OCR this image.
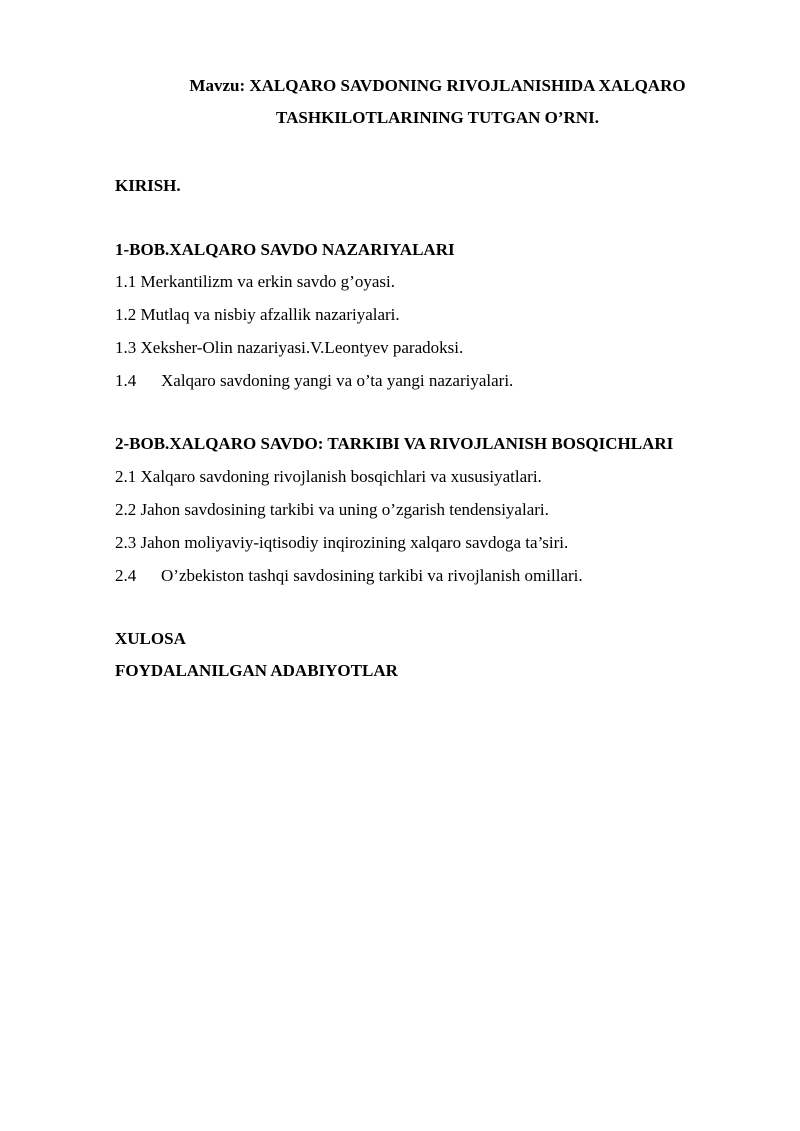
Mavzu: XALQARO SAVDONING RIVOJLANISHIDA XALQARO
TASHKILOTLARINING TUTGAN O’RNI.
KIRISH.
1-BOB.XALQARO SAVDO NAZARIYALARI
1.1 Merkantilizm va erkin savdo g’oyasi.
1.2 Mutlaq va nisbiy afzallik nazariyalari.
1.3 Xeksher-Olin nazariyasi.V.Leontyev paradoksi.
1.4 Xalqaro savdoning yangi va o’ta yangi nazariyalari.
2-BOB.XALQARO SAVDO: TARKIBI VA RIVOJLANISH BOSQICHLARI
2.1 Xalqaro savdoning rivojlanish bosqichlari va xususiyatlari.
2.2 Jahon savdosining tarkibi va uning o’zgarish tendensiyalari.
2.3 Jahon moliyaviy-iqtisodiy inqirozining xalqaro savdoga ta’siri.
2.4 O’zbekiston tashqi savdosining tarkibi va rivojlanish omillari.
XULOSA
FOYDALANILGAN ADABIYOTLAR
